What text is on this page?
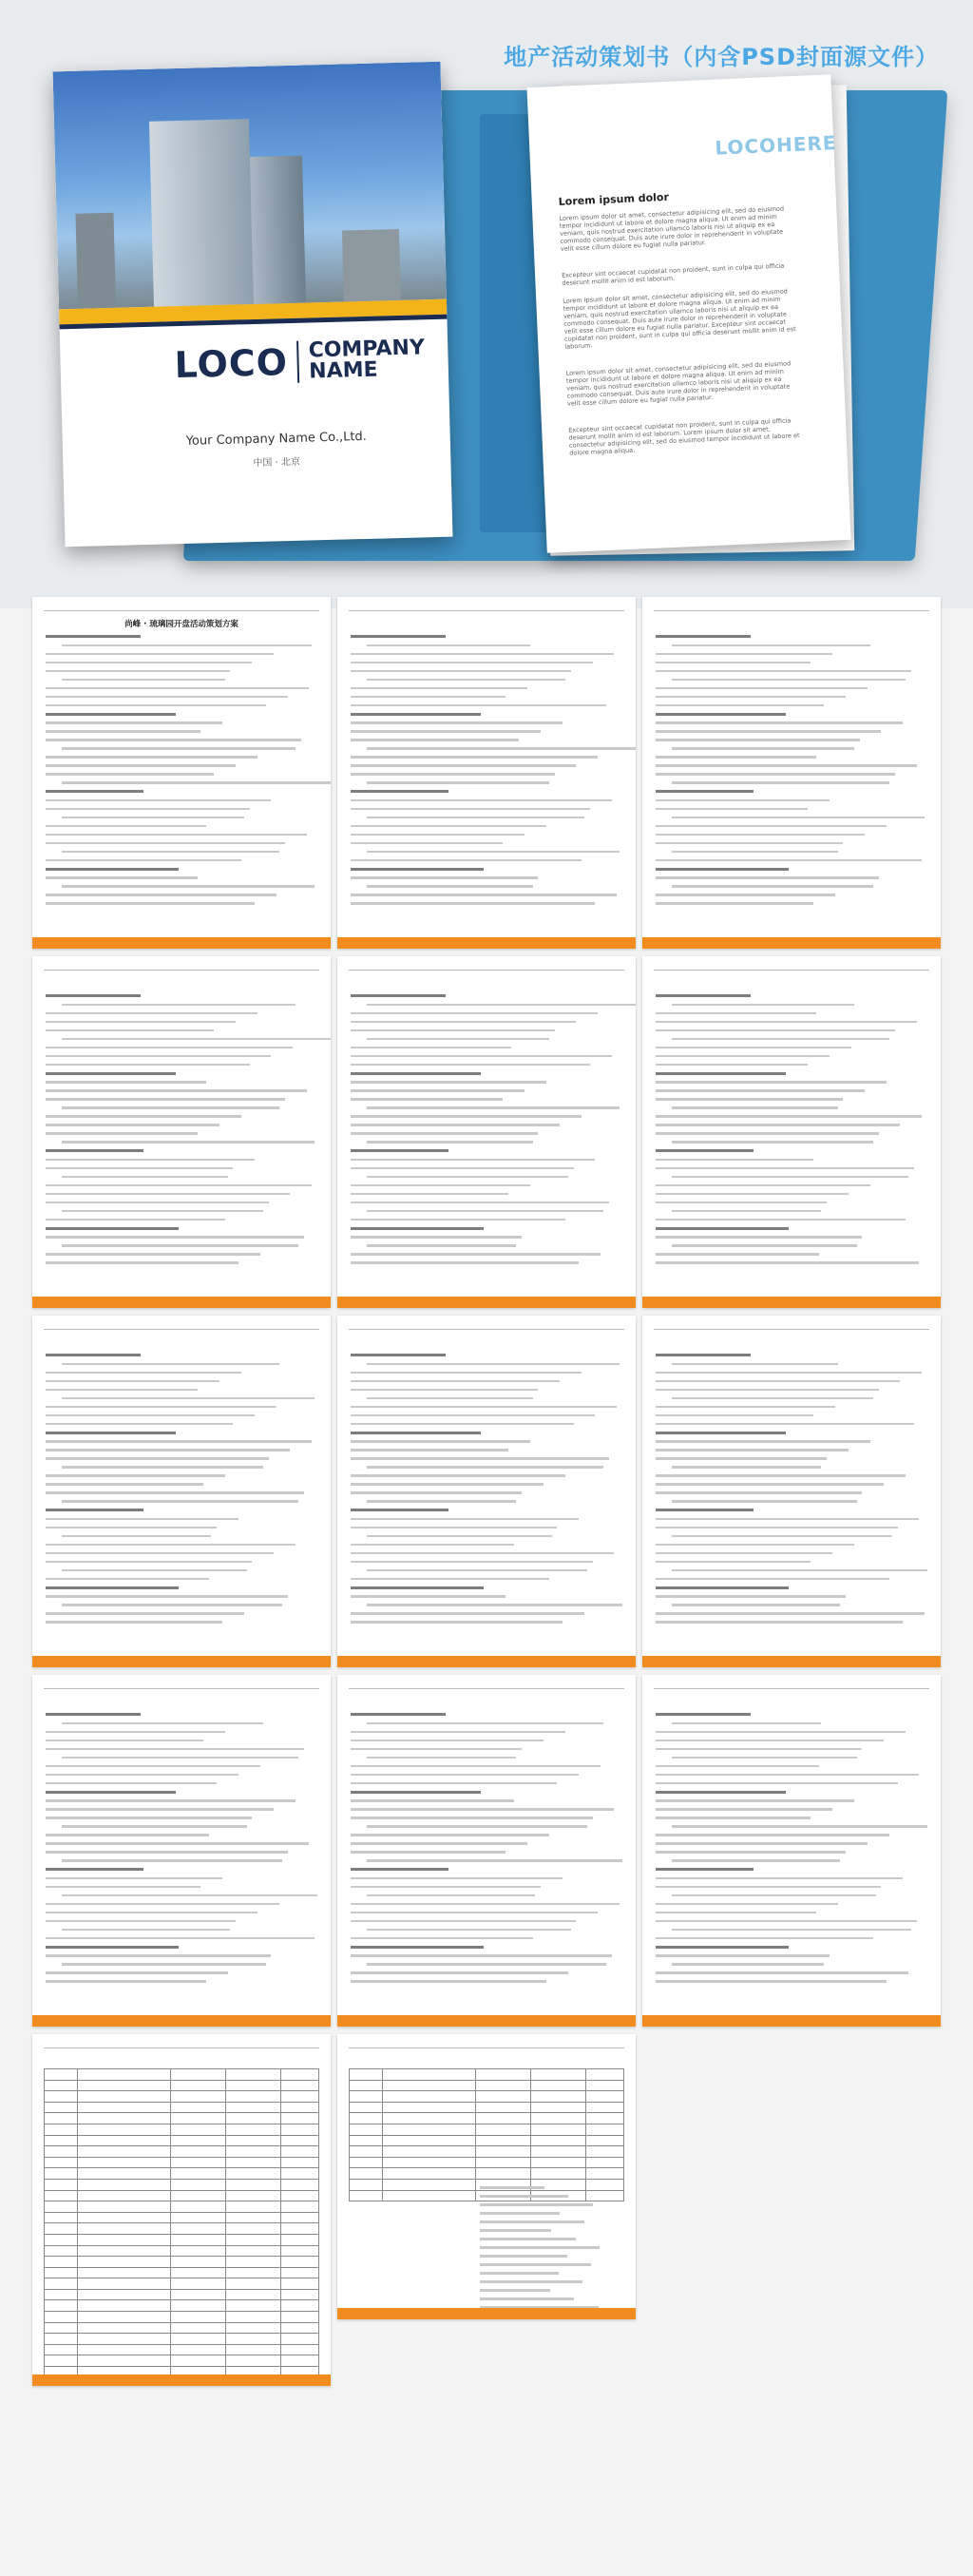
地产活动策划书（内含PSD封面源文件）
LOCOHERE
Lorem ipsum dolor

Lorem ipsum dolor sit amet, consectetur adipisicing elit, sed do eiusmod tempor incididunt ut labore et dolore magna aliqua. Ut enim ad minim veniam, quis nostrud exercitation ullamco laboris nisi ut aliquip ex ea commodo consequat. Duis aute irure dolor in reprehenderit in voluptate velit esse cillum dolore eu fugiat nulla pariatur.

Excepteur sint occaecat cupidatat non proident, sunt in culpa qui officia deserunt mollit anim id est laborum.

Lorem ipsum dolor sit amet, consectetur adipisicing elit, sed do eiusmod tempor incididunt ut labore et dolore magna aliqua. Ut enim ad minim veniam, quis nostrud exercitation ullamco laboris nisi ut aliquip ex ea commodo consequat. Duis aute irure dolor in reprehenderit in voluptate velit esse cillum dolore eu fugiat nulla pariatur. Excepteur sint occaecat cupidatat non proident, sunt in culpa qui officia deserunt mollit anim id est laborum.

Lorem ipsum dolor sit amet, consectetur adipisicing elit, sed do eiusmod tempor incididunt ut labore et dolore magna aliqua. Ut enim ad minim veniam, quis nostrud exercitation ullamco laboris nisi ut aliquip ex ea commodo consequat. Duis aute irure dolor in reprehenderit in voluptate velit esse cillum dolore eu fugiat nulla pariatur.

Excepteur sint occaecat cupidatat non proident, sunt in culpa qui officia deserunt mollit anim id est laborum. Lorem ipsum dolor sit amet, consectetur adipisicing elit, sed do eiusmod tempor incididunt ut labore et dolore magna aliqua.

LOCO COMPANY
NAME
Your Company Name Co.,Ltd.
中国 · 北京
尚峰 · 琉璃园开盘活动策划方案
